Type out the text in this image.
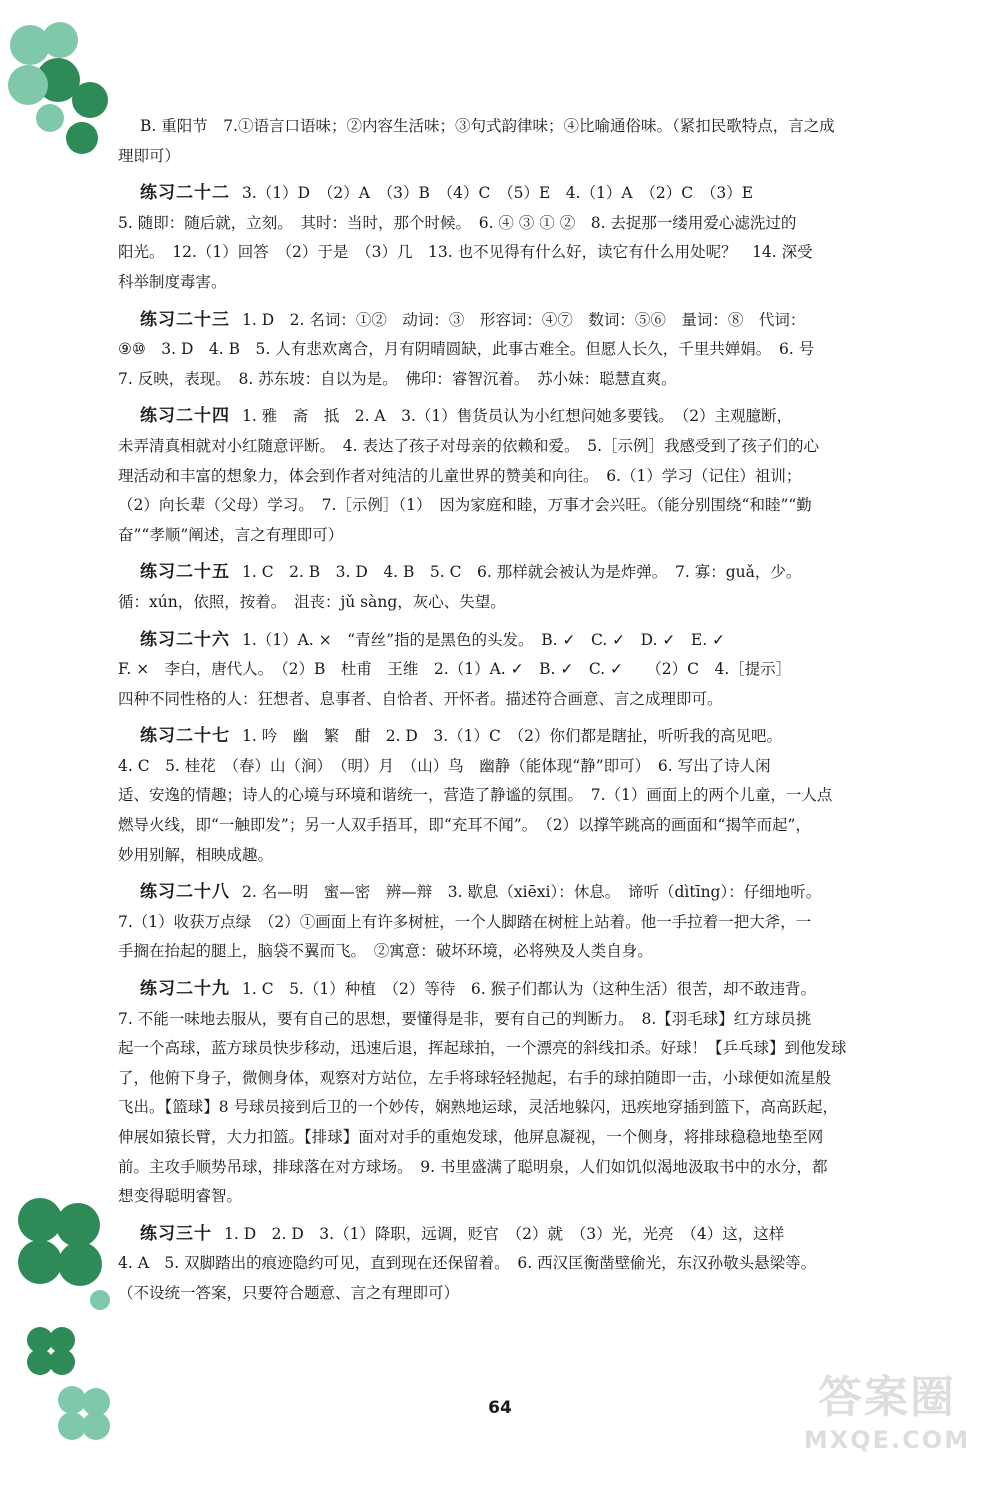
B. 重阳节　7.①语言口语味；②内容生活味；③句式韵律味；④比喻通俗味。（紧扣民歌特点，言之成

理即可）

练习二十二 3.（1）D　（2）A　（3）B　（4）C　（5）E　4.（1）A　（2）C　（3）E

5. 随即：随后就，立刻。　其时：当时，那个时候。　6. ④ ③ ① ②　8. 去捉那一缕用爱心滤洗过的

阳光。　12.（1）回答　（2）于是　（3）几　13. 也不见得有什么好，读它有什么用处呢？　14. 深受

科举制度毒害。

练习二十三 1. D　2. 名词：①②　动词：③　形容词：④⑦　数词：⑤⑥　量词：⑧　代词：

⑨⑩　3. D　4. B　5. 人有悲欢离合，月有阴晴圆缺，此事古难全。但愿人长久，千里共婵娟。　6. 号

7. 反映，表现。　8. 苏东坡：自以为是。　佛印：睿智沉着。　苏小妹：聪慧直爽。

练习二十四 1. 雅　斋　抵　2. A　3.（1）售货员认为小红想问她多要钱。　（2）主观臆断，

未弄清真相就对小红随意评断。　4. 表达了孩子对母亲的依赖和爱。　5.［示例］我感受到了孩子们的心

理活动和丰富的想象力，体会到作者对纯洁的儿童世界的赞美和向往。　6.（1）学习（记住）祖训；

（2）向长辈（父母）学习。　7.［示例］（1）　因为家庭和睦，万事才会兴旺。（能分别围绕“和睦”“勤

奋”“孝顺”阐述，言之有理即可）

练习二十五 1. C　2. B　3. D　4. B　5. C　6. 那样就会被认为是炸弹。　7. 寡：guǎ，少。

循：xún，依照，按着。　沮丧：jǔ sàng，灰心、失望。

练习二十六 1.（1）A. ×　“青丝”指的是黑色的头发。　B. ✓　C. ✓　D. ✓　E. ✓

F. ×　李白，唐代人。　（2）B　杜甫　王维　2.（1）A. ✓　B. ✓　C. ✓　　（2）C　4.［提示］

四种不同性格的人：狂想者、息事者、自恰者、开怀者。描述符合画意、言之成理即可。

练习二十七 1. 吟　幽　繁　酣　2. D　3.（1）C　（2）你们都是瞎扯，听听我的高见吧。

4. C　5. 桂花　（春）山（涧）　（明）月　（山）鸟　幽静（能体现“静”即可）　6. 写出了诗人闲

适、安逸的情趣；诗人的心境与环境和谐统一，营造了静谧的氛围。　7.（1）画面上的两个儿童，一人点

燃导火线，即“一触即发”；另一人双手捂耳，即“充耳不闻”。　（2）以撑竿跳高的画面和“揭竿而起”，

妙用别解，相映成趣。

练习二十八 2. 名—明　蜜—密　辨—辩　3. 歇息（xiēxi）：休息。　谛听（dìtīng）：仔细地听。

7.（1）收获万点绿　（2）①画面上有许多树桩，一个人脚踏在树桩上站着。他一手拉着一把大斧，一

手搁在抬起的腿上，脑袋不翼而飞。　②寓意：破坏环境，必将殃及人类自身。

练习二十九 1. C　5.（1）种植　（2）等待　6. 猴子们都认为（这种生活）很苦，却不敢违背。

7. 不能一味地去服从，要有自己的思想，要懂得是非，要有自己的判断力。　8.【羽毛球】红方球员挑

起一个高球，蓝方球员快步移动，迅速后退，挥起球拍，一个漂亮的斜线扣杀。好球！【乒乓球】到他发球

了，他俯下身子，微侧身体，观察对方站位，左手将球轻轻抛起，右手的球拍随即一击，小球便如流星般

飞出。【篮球】8 号球员接到后卫的一个妙传，娴熟地运球，灵活地躲闪，迅疾地穿插到篮下，高高跃起，

伸展如猿长臂，大力扣篮。【排球】面对对手的重炮发球，他屏息凝视，一个侧身，将排球稳稳地垫至网

前。主攻手顺势吊球，排球落在对方球场。　9. 书里盛满了聪明泉，人们如饥似渴地汲取书中的水分，都

想变得聪明睿智。

练习三十 1. D　2. D　3.（1）降职，远调，贬官　（2）就　（3）光，光亮　（4）这，这样

4. A　5. 双脚踏出的痕迹隐约可见，直到现在还保留着。　6. 西汉匡衡凿壁偷光，东汉孙敬头悬梁等。

（不设统一答案，只要符合题意、言之有理即可）

64	答案圈
MXQE.COM
